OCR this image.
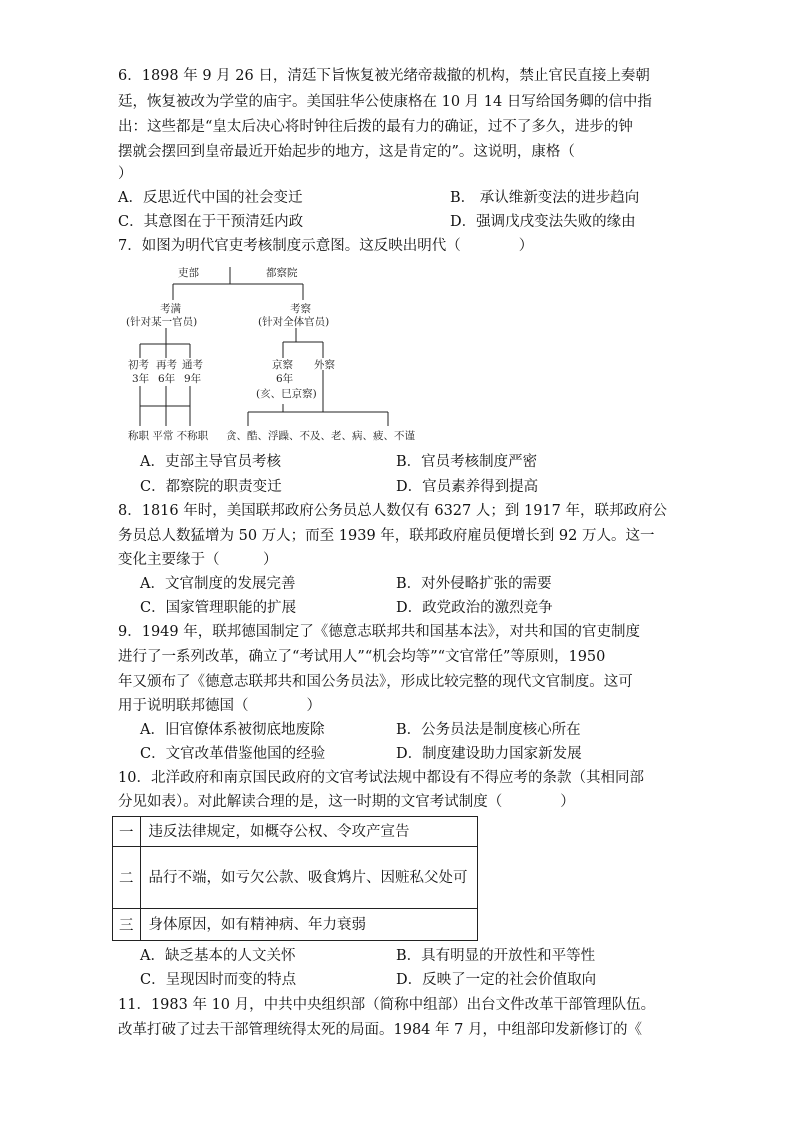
6．1898 年 9 月 26 日，清廷下旨恢复被光绪帝裁撤的机构，禁止官民直接上奏朝
廷，恢复被改为学堂的庙宇。美国驻华公使康格在 10 月 14 日写给国务卿的信中指
出：这些都是“皇太后决心将时钟往后拨的最有力的确证，过不了多久，进步的钟
摆就会摆回到皇帝最近开始起步的地方，这是肯定的”。这说明，康格（
）
A．反思近代中国的社会变迁	B． 承认维新变法的进步趋向
C．其意图在于干预清廷内政	D．强调戊戌变法失败的缘由
7．如图为明代官吏考核制度示意图。这反映出明代（　　　　）
吏部	都察院
考满
(针对某一官员)
考察
(针对全体官员)
初考
3年
再考
6年
通考
9年
京察
6年
(亥、巳京察)
外察
称职 平常 不称职 贪、酷、浮躁、不及、老、病、疲、不谨
A．吏部主导官员考核	B．官员考核制度严密
C．都察院的职责变迁	D．官员素养得到提高
8．1816 年时，美国联邦政府公务员总人数仅有 6327 人；到 1917 年，联邦政府公
务员总人数猛增为 50 万人；而至 1939 年，联邦政府雇员便增长到 92 万人。这一
变化主要缘于（　　　）
A．文官制度的发展完善	B．对外侵略扩张的需要
C．国家管理职能的扩展	D．政党政治的激烈竞争
9．1949 年，联邦德国制定了《德意志联邦共和国基本法》，对共和国的官吏制度
进行了一系列改革，确立了“考试用人”“机会均等”“文官常任”等原则，1950
年又颁布了《德意志联邦共和国公务员法》，形成比较完整的现代文官制度。这可
用于说明联邦德国（　　　　）
A．旧官僚体系被彻底地废除	B．公务员法是制度核心所在
C．文官改革借鉴他国的经验	D．制度建设助力国家新发展
10．北洋政府和南京国民政府的文官考试法规中都设有不得应考的条款（其相同部
分见如表）。对此解读合理的是，这一时期的文官考试制度（　　　　）
一	违反法律规定，如概夺公权、令攻产宣告
二	品行不端，如亏欠公款、吸食鸩片、因赃私父处可
三	身体原因，如有精神病、年力衰弱
A．缺乏基本的人文关怀	B．具有明显的开放性和平等性
C．呈现因时而变的特点	D．反映了一定的社会价值取向
11．1983 年 10 月，中共中央组织部（简称中组部）出台文件改革干部管理队伍。
改革打破了过去干部管理统得太死的局面。1984 年 7 月，中组部印发新修订的《
